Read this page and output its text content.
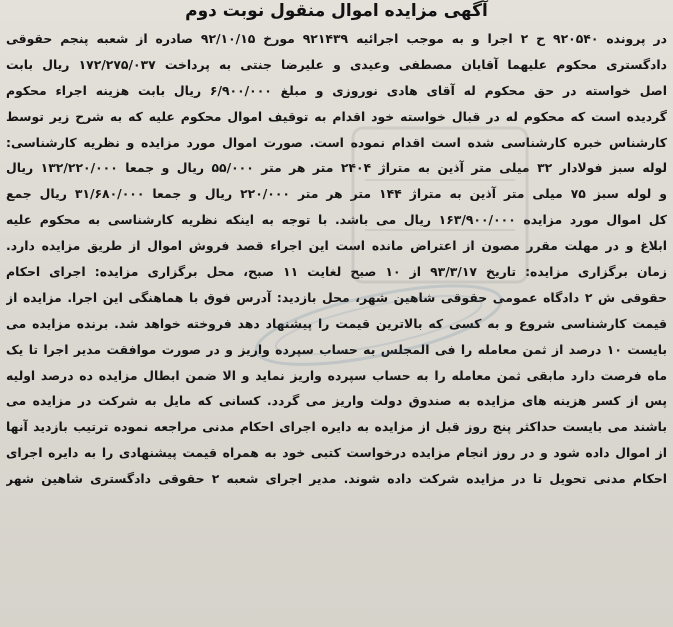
آگهی مزایده اموال منقول نوبت دوم
در پرونده ۹۲۰۵۴۰ ح ۲ اجرا و به موجب اجرائیه ۹۲۱۴۳۹ مورخ ۹۲/۱۰/۱۵ صادره از شعبه پنجم حقوقی
دادگستری محکوم علیهما آقایان مصطفی وعیدی و علیرضا جنتی به پرداخت ۱۷۲/۲۷۵/۰۳۷ ریال بابت
اصل خواسته در حق محکوم له آقای هادی نوروزی و مبلغ ۶/۹۰۰/۰۰۰ ریال بابت هزینه اجراء محکوم
گردیده است که محکوم له در قبال خواسته خود اقدام به توقیف اموال محکوم علیه که به شرح زیر توسط
کارشناس خبره کارشناسی شده است اقدام نموده است. صورت اموال مورد مزایده و نظریه کارشناسی:
لوله سبز فولادار ۳۲ میلی متر آذین به متراژ ۲۴۰۴ متر هر متر ۵۵/۰۰۰ ریال و جمعا ۱۳۲/۲۲۰/۰۰۰ ریال
و لوله سبز ۷۵ میلی متر آذین به متراژ ۱۴۴ متر هر متر ۲۲۰/۰۰۰ ریال و جمعا ۳۱/۶۸۰/۰۰۰ ریال جمع
کل اموال مورد مزایده ۱۶۳/۹۰۰/۰۰۰ ریال می باشد. با توجه به اینکه نظریه کارشناسی به محکوم علیه
ابلاغ و در مهلت مقرر مصون از اعتراض مانده است این اجراء قصد فروش اموال از طریق مزایده دارد.
زمان برگزاری مزایده: تاریخ ۹۳/۳/۱۷ از ۱۰ صبح لغایت ۱۱ صبح، محل برگزاری مزایده: اجرای احکام
حقوقی ش ۲ دادگاه عمومی حقوقی شاهین شهر، محل بازدید: آدرس فوق با هماهنگی این اجرا. مزایده از
قیمت کارشناسی شروع و به کسی که بالاترین قیمت را پیشنهاد دهد فروخته خواهد شد. برنده مزایده می
بایست ۱۰ درصد از ثمن معامله را فی المجلس به حساب سپرده واریز و در صورت موافقت مدیر اجرا تا یک
ماه فرصت دارد مابقی ثمن معامله را به حساب سپرده واریز نماید و الا ضمن ابطال مزایده ده درصد اولیه
پس از کسر هزینه های مزایده به صندوق دولت واریز می گردد. کسانی که مایل به شرکت در مزایده می
باشند می بایست حداکثر پنج روز قبل از مزایده به دایره اجرای احکام مدنی مراجعه نموده ترتیب بازدید آنها
از اموال داده شود و در روز انجام مزایده درخواست کتبی خود به همراه قیمت پیشنهادی را به دایره اجرای
احکام مدنی تحویل تا در مزایده شرکت داده شوند. مدیر اجرای شعبه ۲ حقوقی دادگستری شاهین شهر
